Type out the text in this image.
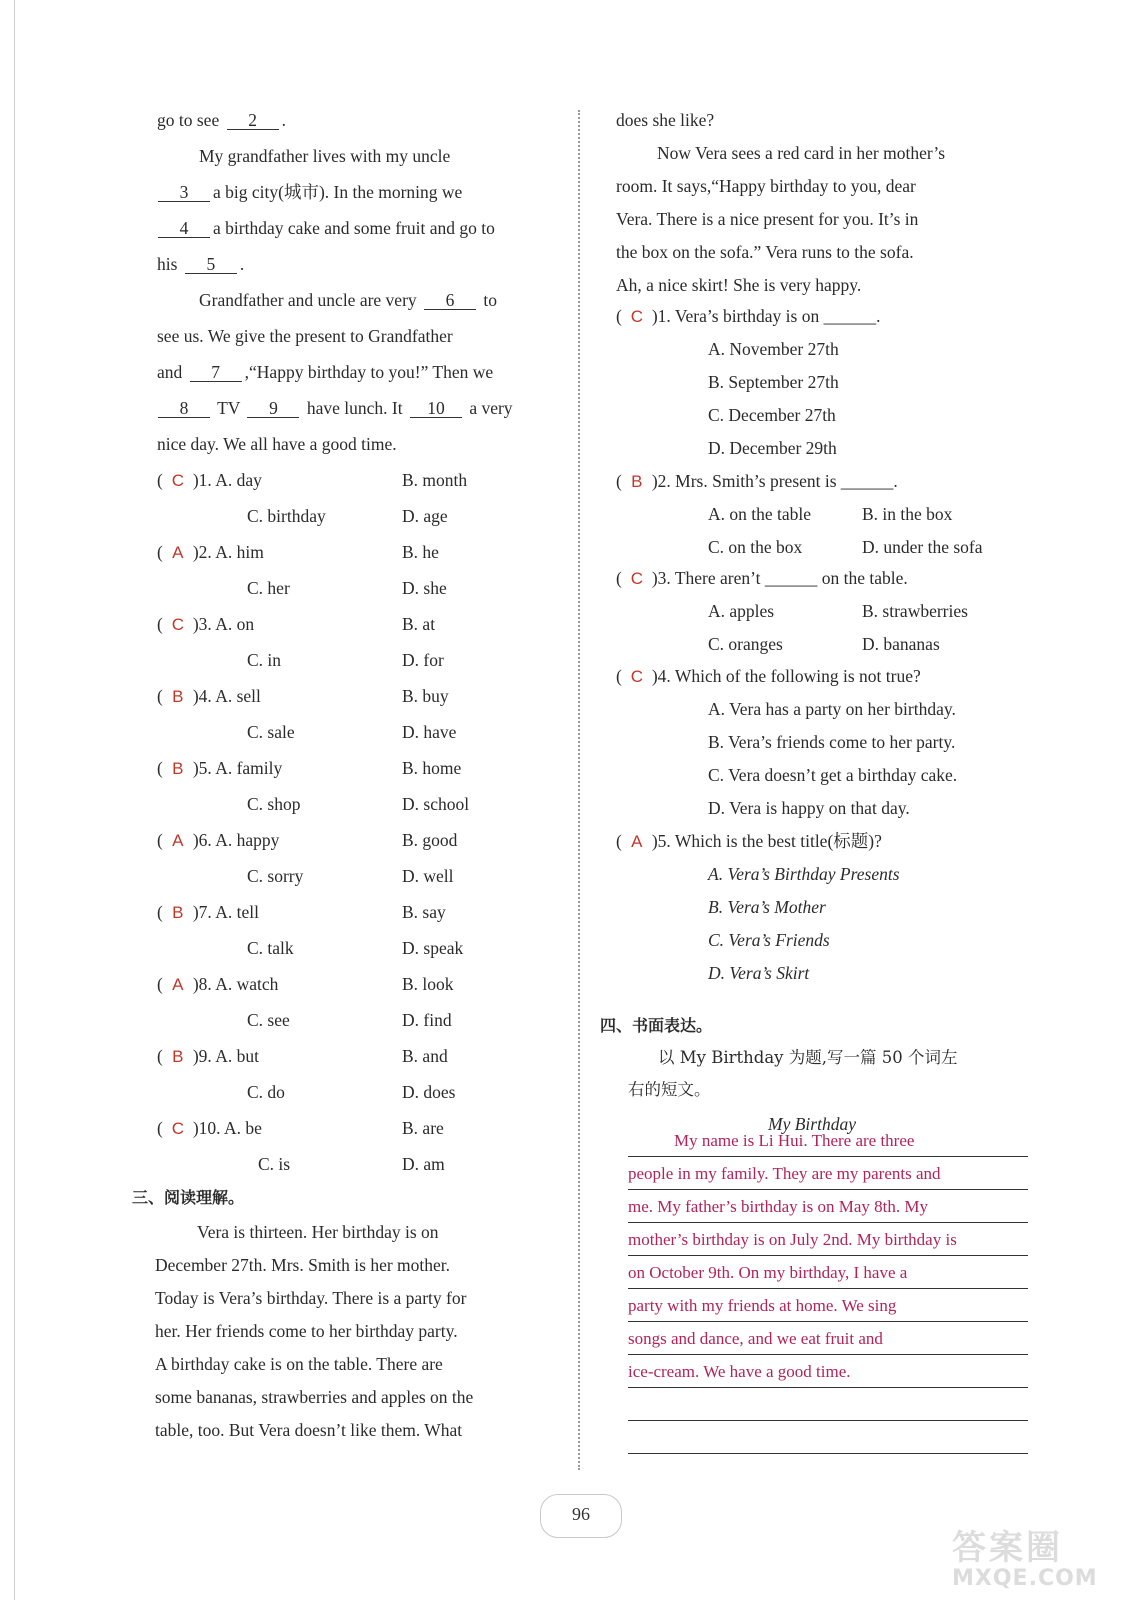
go to see 2 .
My grandfather lives with my uncle
3 a big city(城市). In the morning we
4 a birthday cake and some fruit and go to
his 5 .
Grandfather and uncle are very 6 to
see us. We give the present to Grandfather
and 7 ,“Happy birthday to you!” Then we
8 TV 9 have lunch. It 10 a very
nice day. We all have a good time.
( C )1. A. day	B. month
C. birthday	D. age
( A )2. A. him	B. he
C. her	D. she
( C )3. A. on	B. at
C. in	D. for
( B )4. A. sell	B. buy
C. sale	D. have
( B )5. A. family	B. home
C. shop	D. school
( A )6. A. happy	B. good
C. sorry	D. well
( B )7. A. tell	B. say
C. talk	D. speak
( A )8. A. watch	B. look
C. see	D. find
( B )9. A. but	B. and
C. do	D. does
( C )10. A. be	B. are
C. is	D. am
三、阅读理解。
Vera is thirteen. Her birthday is on
December 27th. Mrs. Smith is her mother.
Today is Vera’s birthday. There is a party for
her. Her friends come to her birthday party.
A birthday cake is on the table. There are
some bananas, strawberries and apples on the
table, too. But Vera doesn’t like them. What
does she like?
Now Vera sees a red card in her mother’s
room. It says,“Happy birthday to you, dear
Vera. There is a nice present for you. It’s in
the box on the sofa.” Vera runs to the sofa.
Ah, a nice skirt! She is very happy.
( C )1. Vera’s birthday is on ______.
A. November 27th
B. September 27th
C. December 27th
D. December 29th
( B )2. Mrs. Smith’s present is ______.
A. on the table	B. in the box
C. on the box	D. under the sofa
( C )3. There aren’t ______ on the table.
A. apples	B. strawberries
C. oranges	D. bananas
( C )4. Which of the following is not true?
A. Vera has a party on her birthday.
B. Vera’s friends come to her party.
C. Vera doesn’t get a birthday cake.
D. Vera is happy on that day.
( A )5. Which is the best title(标题)?
A. Vera’s Birthday Presents
B. Vera’s Mother
C. Vera’s Friends
D. Vera’s Skirt
四、书面表达。
以 My Birthday 为题,写一篇 50 个词左
右的短文。
My Birthday
My name is Li Hui. There are three
people in my family. They are my parents and
me. My father’s birthday is on May 8th. My
mother’s birthday is on July 2nd. My birthday is
on October 9th. On my birthday, I have a
party with my friends at home. We sing
songs and dance, and we eat fruit and
ice-cream. We have a good time.
96
答案圈
MXQE.COM
